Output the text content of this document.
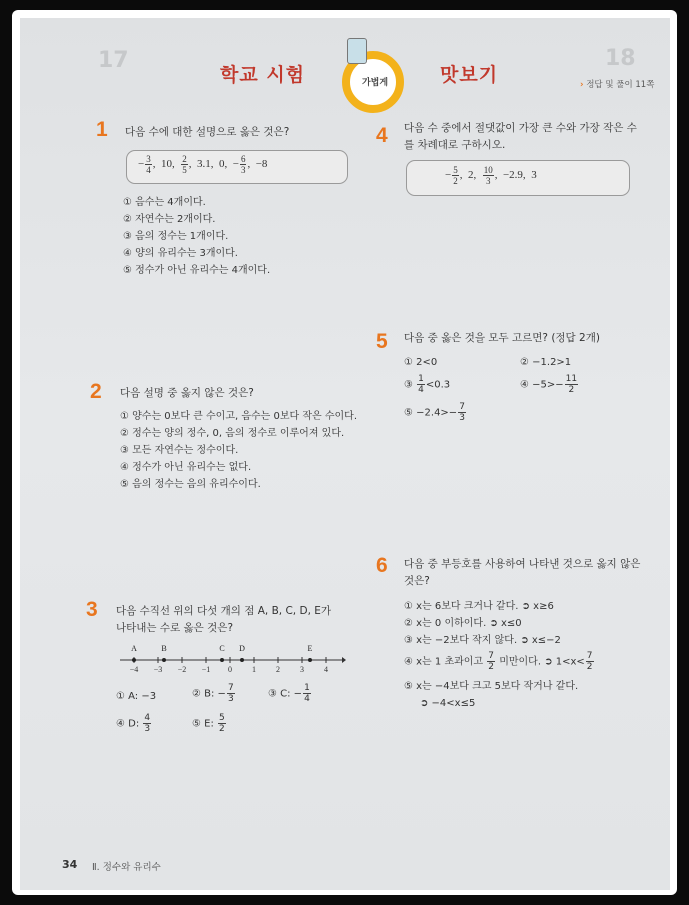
17	18
학교 시험	가볍게	맛보기	› 정답 및 풀이 11쪽
1 다음 수에 대한 설명으로 옳은 것은?
− $\frac{3}{4}$ ,  10, $\frac{2}{5}$ ,  3.1, 0,  − $\frac{6}{3}$ ,  −8
① 음수는 4개이다.
② 자연수는 2개이다.
③ 음의 정수는 1개이다.
④ 양의 유리수는 3개이다.
⑤ 정수가 아닌 유리수는 4개이다.
2 다음 설명 중 옳지 않은 것은?
① 양수는 0보다 큰 수이고, 음수는 0보다 작은 수이다.
② 정수는 양의 정수, 0, 음의 정수로 이루어져 있다.
③ 모든 자연수는 정수이다.
④ 정수가 아닌 유리수는 없다.
⑤ 음의 정수는 음의 유리수이다.
3 다음 수직선 위의 다섯 개의 점 A, B, C, D, E가
나타내는 수로 옳은 것은?
−4 −3 −2 −1 0	1	2	3	4
A	B	C D	E
① A: −3	② B: − $\frac{7}{3}$	③ C: − $\frac{1}{4}$
④ D: $\frac{4}{3}$	⑤ E: $\frac{5}{2}$
4 다음 수 중에서 절댓값이 가장 큰 수와 가장 작은 수
를 차례대로 구하시오.
− $\frac{5}{2}$ ,  2, $\frac{10}{3}$ ,  −2.9, 3
5 다음 중 옳은 것을 모두 고르면? (정답 2개)
① 2<0	② −1.2>1
③ $\frac{1}{4} <0.3$	④ $-5>- \frac{11}{2}$
⑤ $-2.4>- \frac{7}{3}$
6 다음 중 부등호를 사용하여 나타낸 것으로 옳지 않은
것은?
① x는 6보다 크거나 같다. ➲ x≥6
② x는 0 이하이다. ➲ x≤0
③ x는 −2보다 작지 않다. ➲ x≤−2
④ x는 1 초과이고 $\frac{7}{2}$ 미만이다. ➲ $1<x< \frac{7}{2}$
⑤ x는 −4보다 크고 5보다 작거나 같다.
➲ −4<x≤5
34 Ⅱ. 정수와 유리수
